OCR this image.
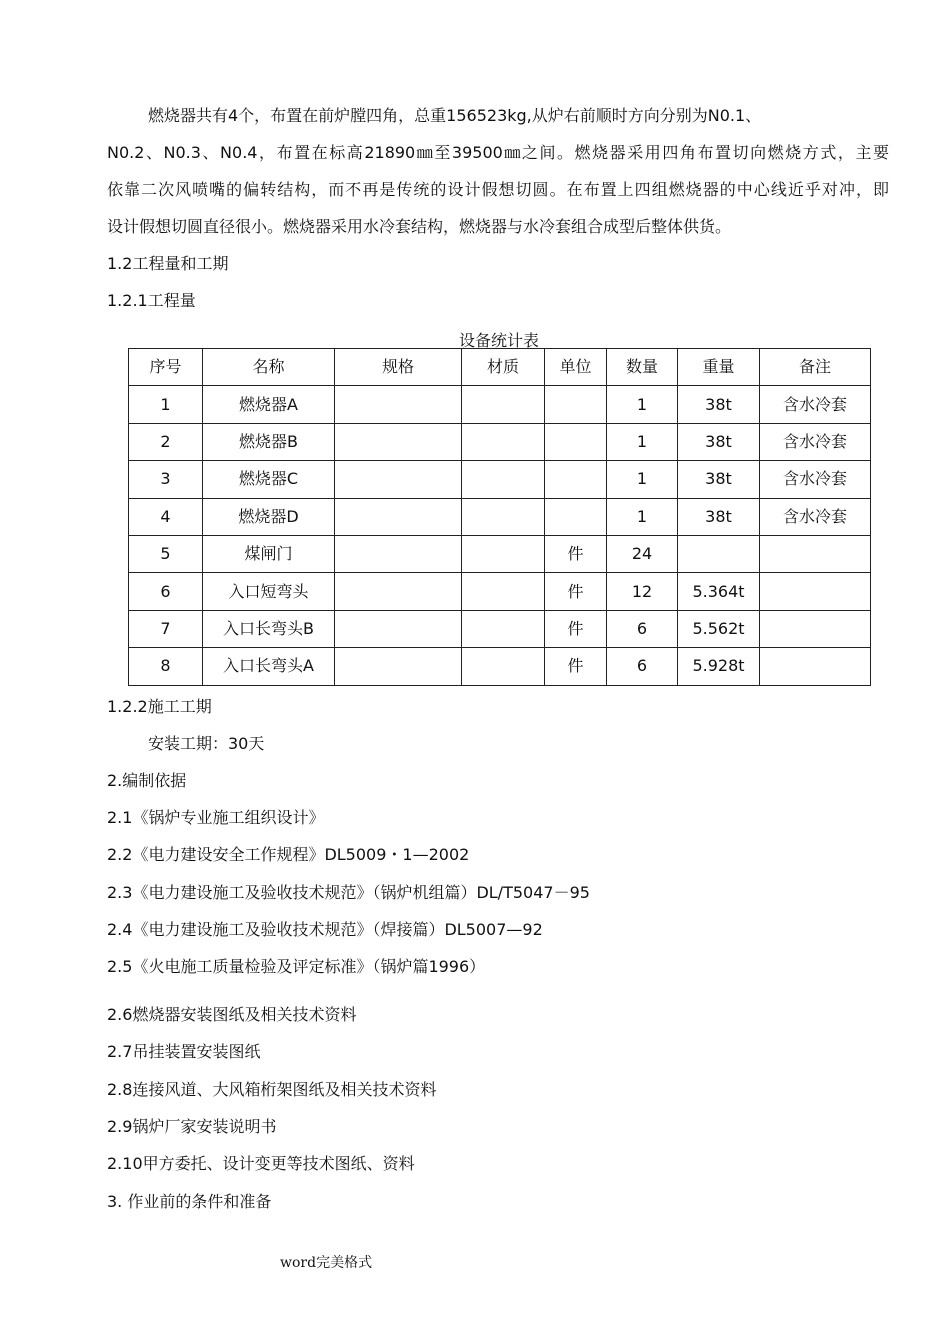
燃烧器共有4个，布置在前炉膛四角，总重156523kg,从炉右前顺时方向分别为N0.1、
N0.2、N0.3、N0.4，布置在标高21890㎜至39500㎜之间。燃烧器采用四角布置切向燃烧方式，主要
依靠二次风喷嘴的偏转结构，而不再是传统的设计假想切圆。在布置上四组燃烧器的中心线近乎对冲，即
设计假想切圆直径很小。燃烧器采用水冷套结构，燃烧器与水冷套组合成型后整体供货。
1.2工程量和工期
1.2.1工程量
设备统计表
序号	名称	规格	材质	单位	数量	重量	备注
1	燃烧器A				1	38t	含水冷套
2	燃烧器B				1	38t	含水冷套
3	燃烧器C				1	38t	含水冷套
4	燃烧器D				1	38t	含水冷套
5	煤闸门			件	24		
6	入口短弯头			件	12	5.364t	
7	入口长弯头B			件	6	5.562t	
8	入口长弯头A			件	6	5.928t	
1.2.2施工工期
安装工期：30天
2.编制依据
2.1《锅炉专业施工组织设计》
2.2《电力建设安全工作规程》DL5009・1—2002
2.3《电力建设施工及验收技术规范》（锅炉机组篇）DL/T5047－95
2.4《电力建设施工及验收技术规范》（焊接篇）DL5007—92
2.5《火电施工质量检验及评定标准》（锅炉篇1996）
2.6燃烧器安装图纸及相关技术资料
2.7吊挂装置安装图纸
2.8连接风道、大风箱桁架图纸及相关技术资料
2.9锅炉厂家安装说明书
2.10甲方委托、设计变更等技术图纸、资料
3. 作业前的条件和准备
word完美格式
